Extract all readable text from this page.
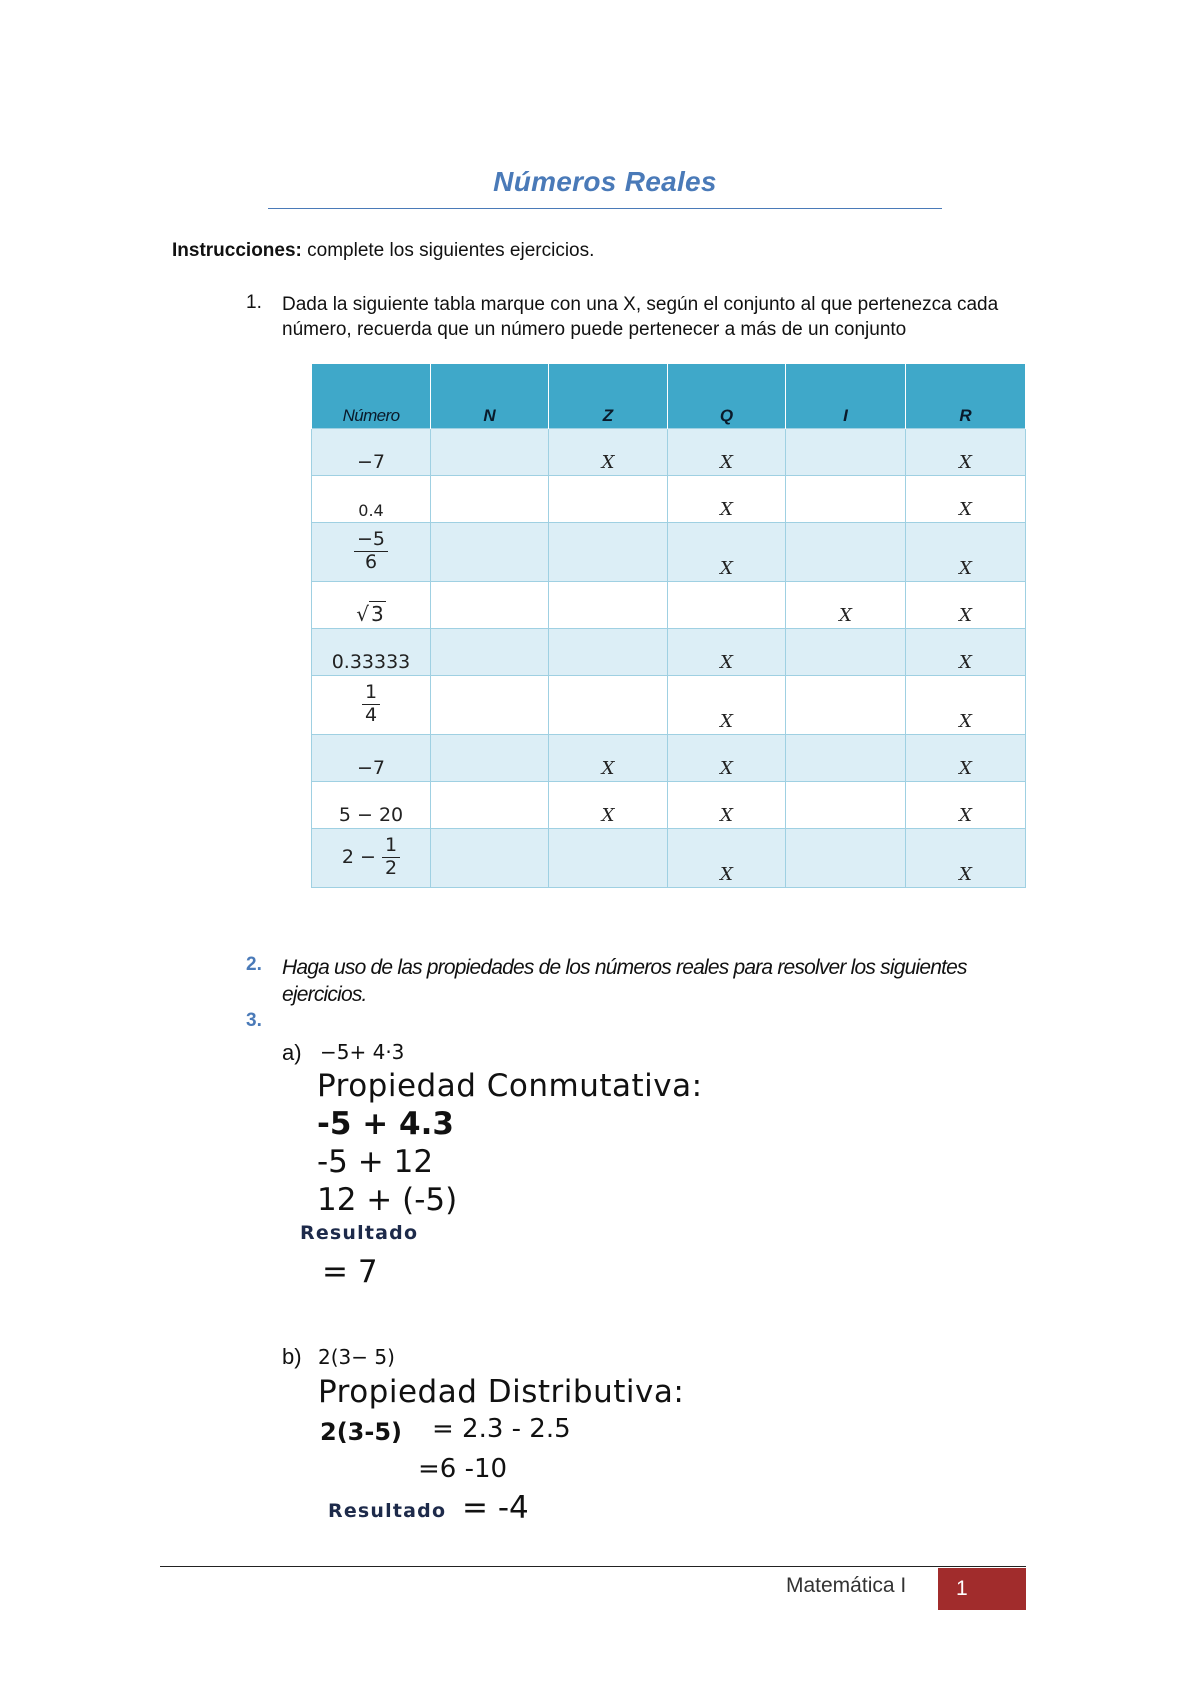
Números Reales
Instrucciones: complete los siguientes ejercicios.
1. Dada la siguiente tabla marque con una X, según el conjunto al que pertenezca cada número, recuerda que un número puede pertenecer a más de un conjunto
Número	N	Z	Q	I	R
−7		X	X		X
0.4			X		X

$\frac{-5}{6}$			X		X
√ 3				X	X
0.33333			X		X

$\frac{1}{4}$			X		X
−7		X	X		X
5 − 20		X	X		X

$2 - \frac{1}{2}$			X		X
2. Haga uso de las propiedades de los números reales para resolver los siguientes ejercicios.
3.
a) −5+ 4·3
Propiedad Conmutativa:
-5 + 4.3
-5 + 12
12 + (-5)
Resultado
= 7
b) 2(3− 5)
Propiedad Distributiva:
2(3-5) = 2.3 - 2.5
=6 -10
Resultado = -4
Matemática I	1
